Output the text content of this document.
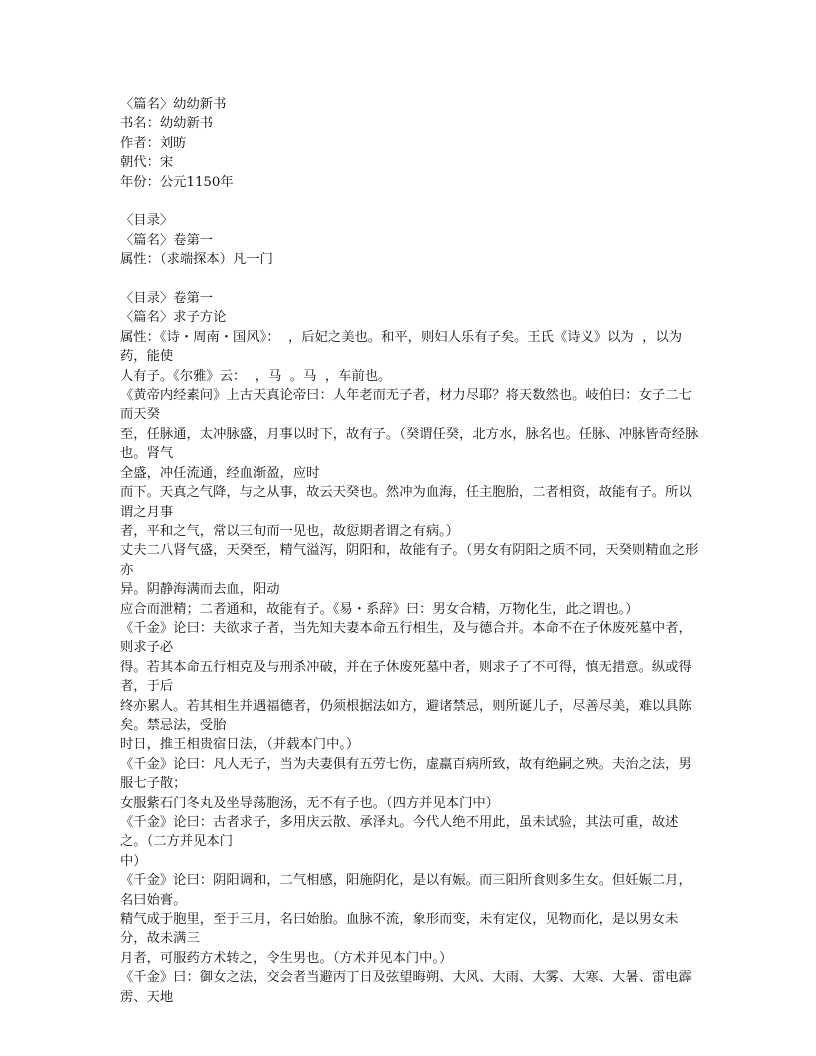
〈篇名〉幼幼新书
书名：幼幼新书
作者：刘昉
朝代：宋
年份：公元1150年
〈目录〉
〈篇名〉卷第一
属性：（求端探本）凡一门
〈目录〉卷第一
〈篇名〉求子方论
属性：《诗・周南・国风》：  ，后妃之美也。和平，则妇人乐有子矣。王氏《诗义》以为  ，以为药，能使
人有子。《尔雅》云：  ，马  。马  ，车前也。
《黄帝内经素问》上古天真论帝曰：人年老而无子者，材力尽耶？将天数然也。岐伯曰：女子二七而天癸
至，任脉通，太冲脉盛，月事以时下，故有子。（癸谓任癸，北方水，脉名也。任脉、冲脉皆奇经脉也。肾气
全盛，冲任流通，经血渐盈，应时
而下。天真之气降，与之从事，故云天癸也。然冲为血海，任主胞胎，二者相资，故能有子。所以谓之月事
者，平和之气，常以三旬而一见也，故愆期者谓之有病。）
丈夫二八肾气盛，天癸至，精气溢泻，阴阳和，故能有子。（男女有阴阳之质不同，天癸则精血之形亦
异。阴静海满而去血，阳动
应合而泄精；二者通和，故能有子。《易・系辞》曰：男女合精，万物化生，此之谓也。）
《千金》论曰：夫欲求子者，当先知夫妻本命五行相生，及与德合并。本命不在子休废死墓中者，则求子必
得。若其本命五行相克及与刑杀冲破，并在子休废死墓中者，则求子了不可得，慎无措意。纵或得者，于后
终亦累人。若其相生并遇福德者，仍须根据法如方，避诸禁忌，则所诞儿子，尽善尽美，难以具陈矣。禁忌法，受胎
时日，推王相贵宿日法，（并载本门中。）
《千金》论曰：凡人无子，当为夫妻俱有五劳七伤，虚羸百病所致，故有绝嗣之殃。夫治之法，男服七子散；
女服紫石门冬丸及坐导荡胞汤，无不有子也。（四方并见本门中）
《千金》论曰：古者求子，多用庆云散、承泽丸。今代人绝不用此，虽未试验，其法可重，故述之。（二方并见本门
中）
《千金》论曰：阴阳调和，二气相感，阳施阴化，是以有娠。而三阳所食则多生女。但妊娠二月，名曰始膏。
精气成于胞里，至于三月，名曰始胎。血脉不流，象形而变，未有定仪，见物而化，是以男女未分，故未满三
月者，可服药方术转之，令生男也。（方术并见本门中。）
《千金》曰：御女之法，交会者当避丙丁日及弦望晦朔、大风、大雨、大雾、大寒、大暑、雷电霹雳、天地
